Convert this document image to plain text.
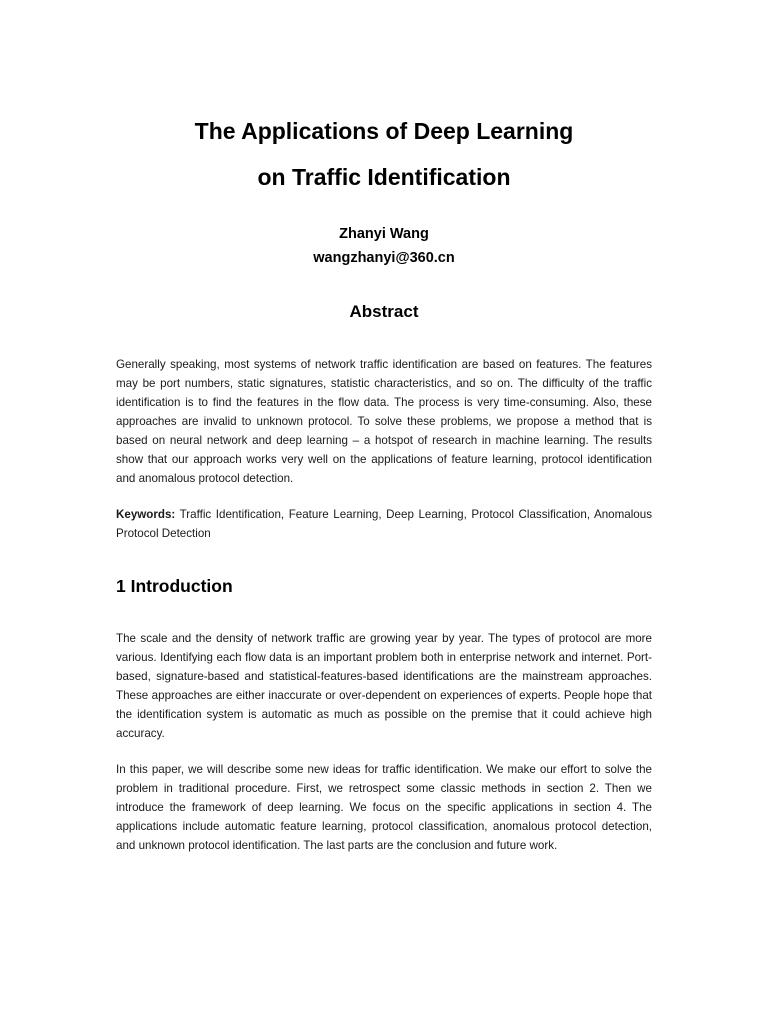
The Applications of Deep Learning
on Traffic Identification
Zhanyi Wang
wangzhanyi@360.cn
Abstract
Generally speaking, most systems of network traffic identification are based on features. The features may be port numbers, static signatures, statistic characteristics, and so on. The difficulty of the traffic identification is to find the features in the flow data. The process is very time-consuming. Also, these approaches are invalid to unknown protocol. To solve these problems, we propose a method that is based on neural network and deep learning – a hotspot of research in machine learning. The results show that our approach works very well on the applications of feature learning, protocol identification and anomalous protocol detection.
Keywords: Traffic Identification, Feature Learning, Deep Learning, Protocol Classification, Anomalous Protocol Detection
1 Introduction
The scale and the density of network traffic are growing year by year. The types of protocol are more various. Identifying each flow data is an important problem both in enterprise network and internet. Port-based, signature-based and statistical-features-based identifications are the mainstream approaches. These approaches are either inaccurate or over-dependent on experiences of experts. People hope that the identification system is automatic as much as possible on the premise that it could achieve high accuracy.
In this paper, we will describe some new ideas for traffic identification. We make our effort to solve the problem in traditional procedure. First, we retrospect some classic methods in section 2. Then we introduce the framework of deep learning. We focus on the specific applications in section 4. The applications include automatic feature learning, protocol classification, anomalous protocol detection, and unknown protocol identification. The last parts are the conclusion and future work.
